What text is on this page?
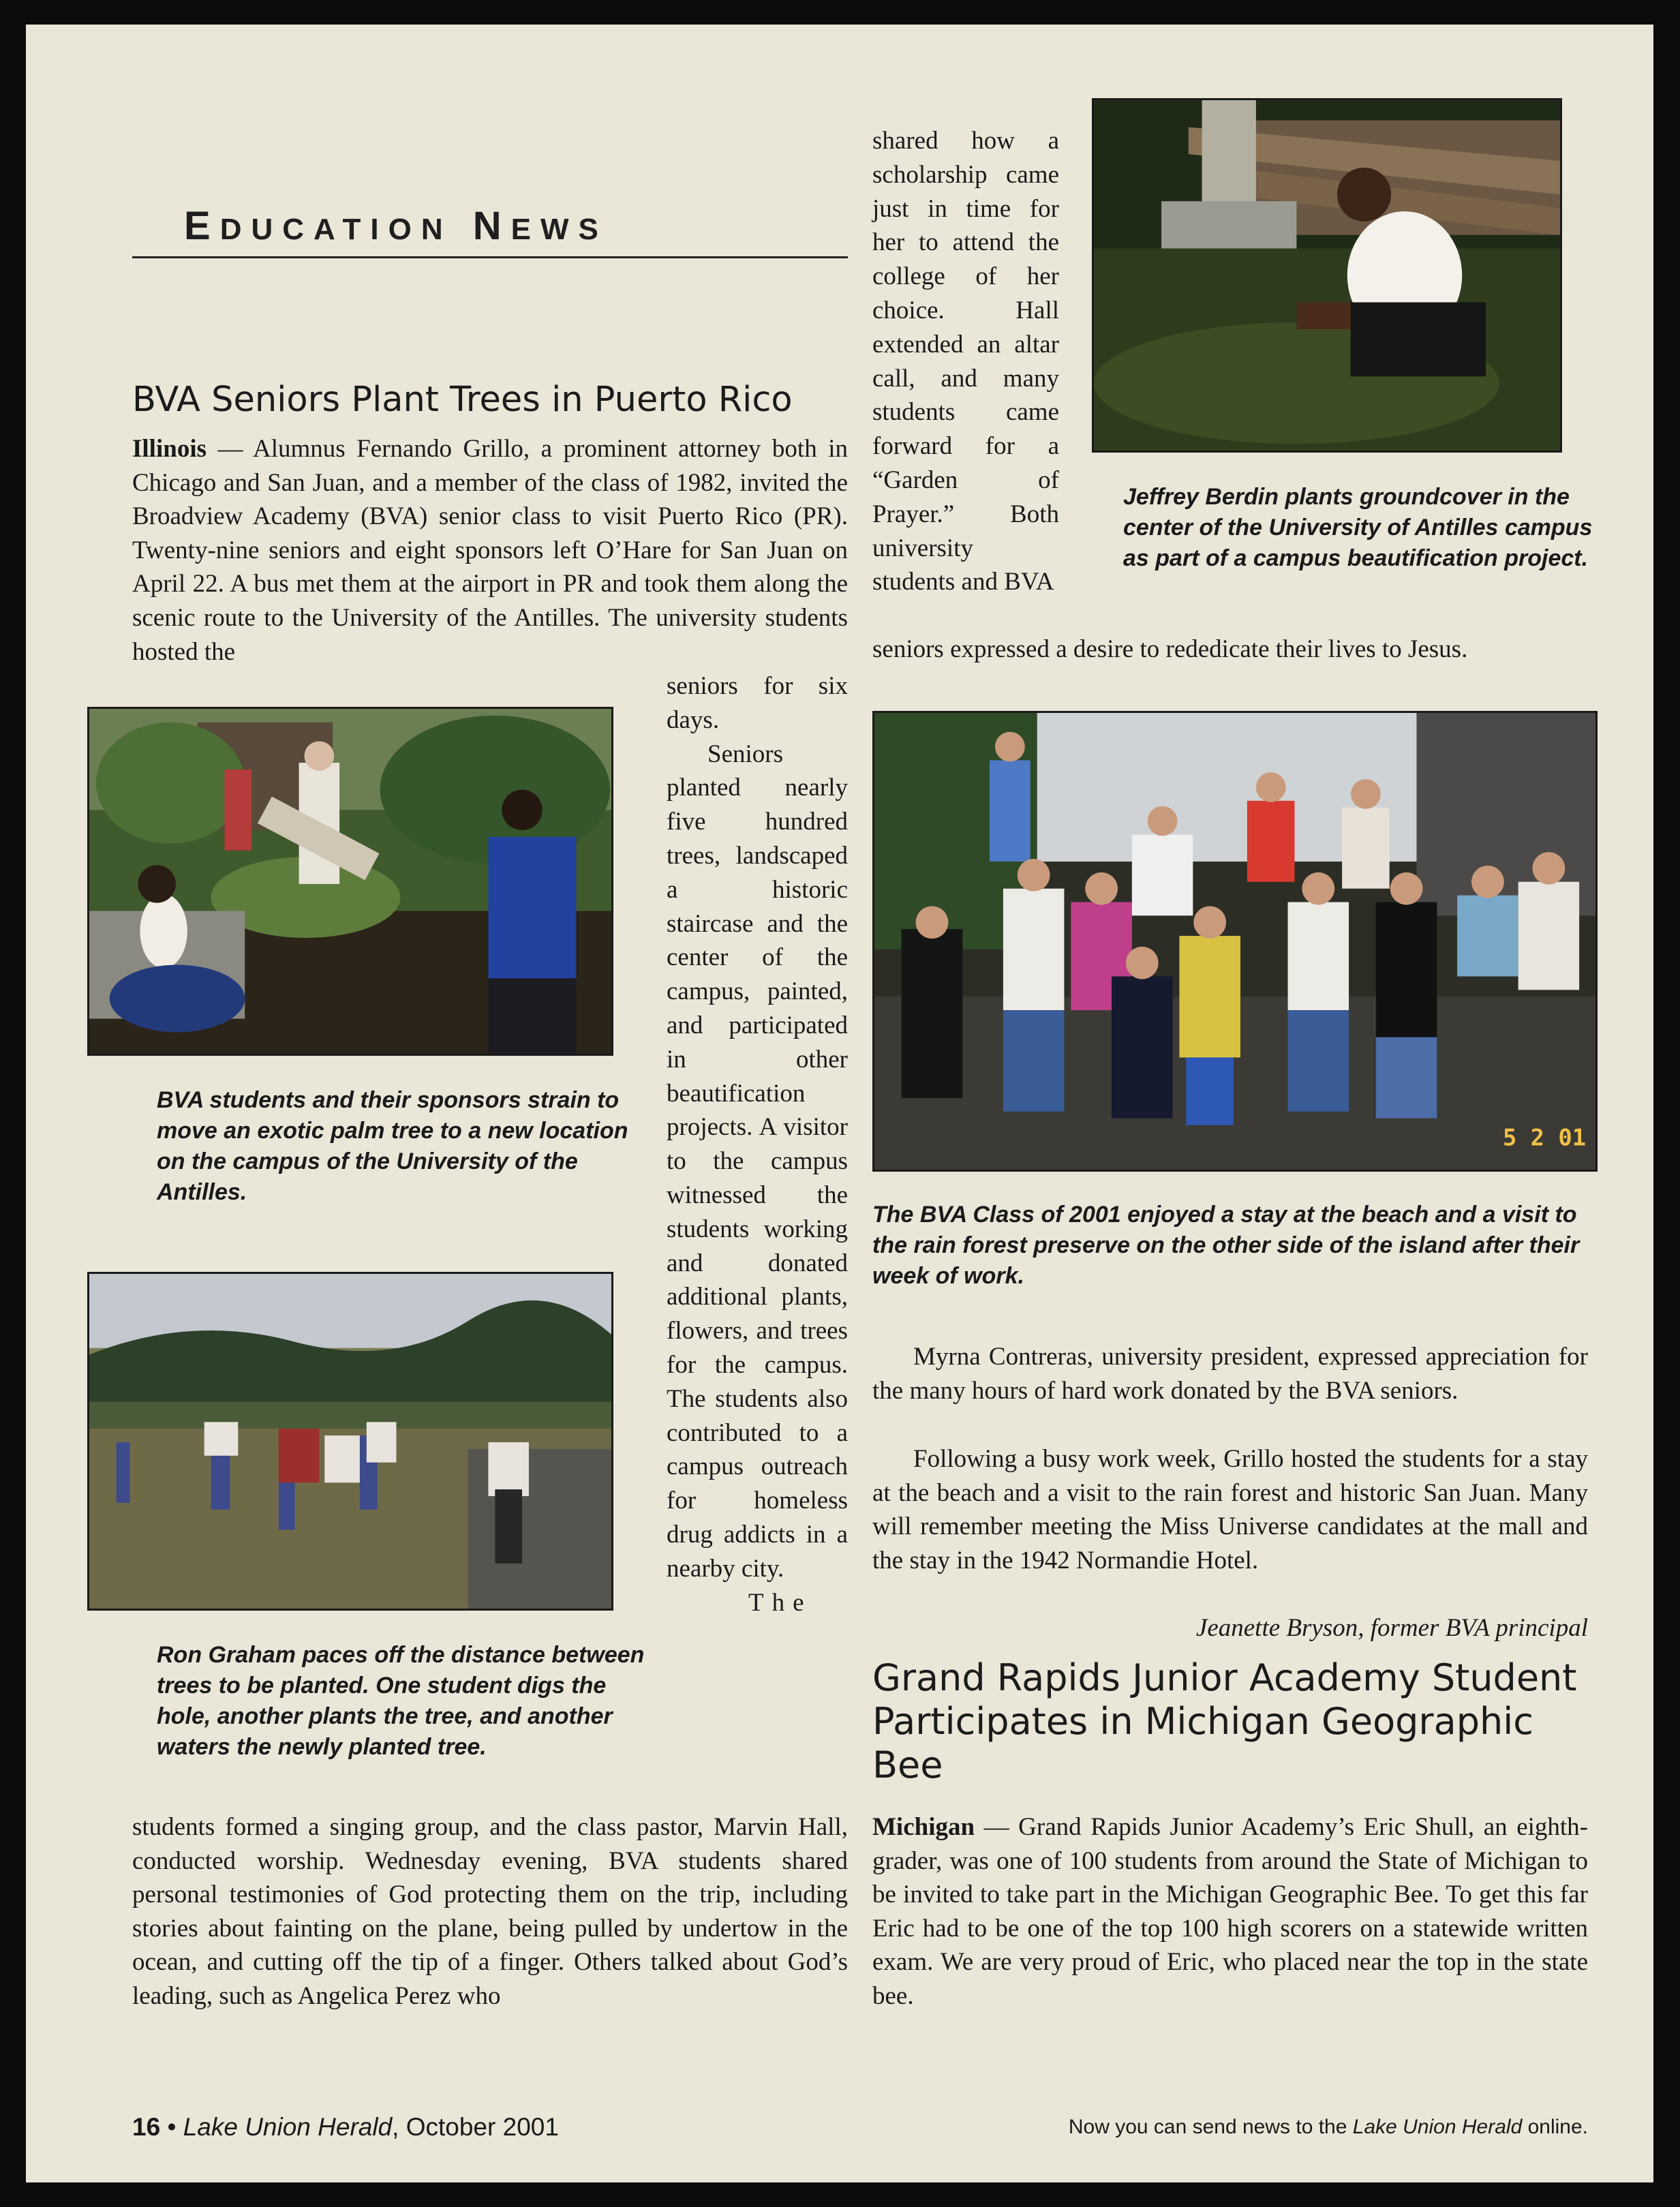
EDUCATION NEWS
BVA Seniors Plant Trees in Puerto Rico

Illinois — Alumnus Fernando Grillo, a prominent attorney both in Chicago and San Juan, and a member of the class of 1982, invited the Broadview Academy (BVA) senior class to visit Puerto Rico (PR). Twenty-nine seniors and eight sponsors left O’Hare for San Juan on April 22. A bus met them at the airport in PR and took them along the scenic route to the University of the Antilles. The university students hosted the

seniors for six

days.

Seniors planted nearly five hundred trees, landscaped a historic staircase and the center of the campus, painted, and participated in other beautification projects. A visitor to the campus witnessed the students working and donated additional plants, flowers, and trees for the campus. The students also contributed to a campus outreach for homeless drug addicts in a nearby city.

The

students formed a singing group, and the class pastor, Marvin Hall, conducted worship. Wednesday evening, BVA students shared personal testimonies of God protecting them on the trip, including stories about fainting on the plane, being pulled by undertow in the ocean, and cutting off the tip of a finger. Others talked about God’s leading, such as Angelica Perez who

BVA students and their sponsors strain to move an exotic palm tree to a new location on the campus of the University of the Antilles.

Ron Graham paces off the distance between trees to be planted. One student digs the hole, another plants the tree, and another waters the newly planted tree.

shared how a scholarship came just in time for her to attend the college of her choice. Hall extended an altar call, and many students came forward for a “Garden of Prayer.” Both university students and BVA

seniors expressed a desire to rededicate their lives to Jesus.

Jeffrey Berdin plants groundcover in the center of the University of Antilles campus as part of a campus beautification project.

5 2 01

The BVA Class of 2001 enjoyed a stay at the beach and a visit to the rain forest preserve on the other side of the island after their week of work.

Myrna Contreras, university president, expressed appreciation for the many hours of hard work donated by the BVA seniors.

Following a busy work week, Grillo hosted the students for a stay at the beach and a visit to the rain forest and historic San Juan. Many will remember meeting the Miss Universe candidates at the mall and the stay in the 1942 Normandie Hotel.

Jeanette Bryson, former BVA principal

Grand Rapids Junior Academy Student Participates in Michigan Geographic Bee

Michigan — Grand Rapids Junior Academy’s Eric Shull, an eighth-grader, was one of 100 students from around the State of Michigan to be invited to take part in the Michigan Geographic Bee. To get this far Eric had to be one of the top 100 high scorers on a statewide written exam. We are very proud of Eric, who placed near the top in the state bee.

16 • Lake Union Herald, October 2001	Now you can send news to the Lake Union Herald online.
